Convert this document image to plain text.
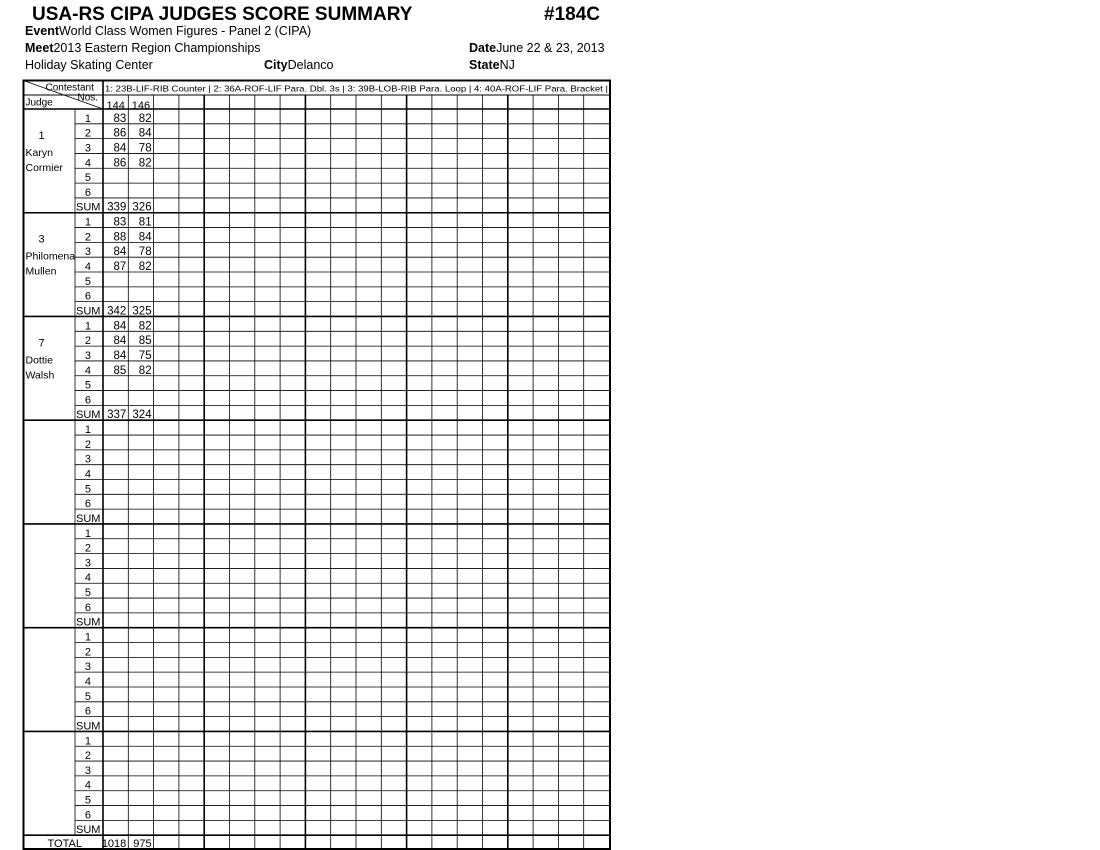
USA-RS CIPA JUDGES SCORE SUMMARY	#184C
EventWorld Class Women Figures - Panel 2 (CIPA)
Meet2013 Eastern Region Championships	DateJune 22 & 23, 2013
Holiday Skating Center	CityDelanco	StateNJ
Contestant
Nos.
Judge
1: 23B-LIF-RIB Counter | 2: 36A-ROF-LIF Para. Dbl. 3s | 3: 39B-LOB-RIB Para. Loop | 4: 40A-ROF-LIF Para. Bracket |
144 146
1
Karyn
Cormier
1 83 82
2 86 84
3 84 78
4 86 82
5
6
SUM 339 326
3
Philomena
Mullen
1 83 81
2 88 84
3 84 78
4 87 82
5
6
SUM 342 325
7
Dottie
Walsh
1 84 82
2 84 85
3 84 75
4 85 82
5
6
SUM 337 324
1
2
3
4
5
6
SUM
1
2
3
4
5
6
SUM
1
2
3
4
5
6
SUM
1
2
3
4
5
6
SUM
TOTAL 1018 975
